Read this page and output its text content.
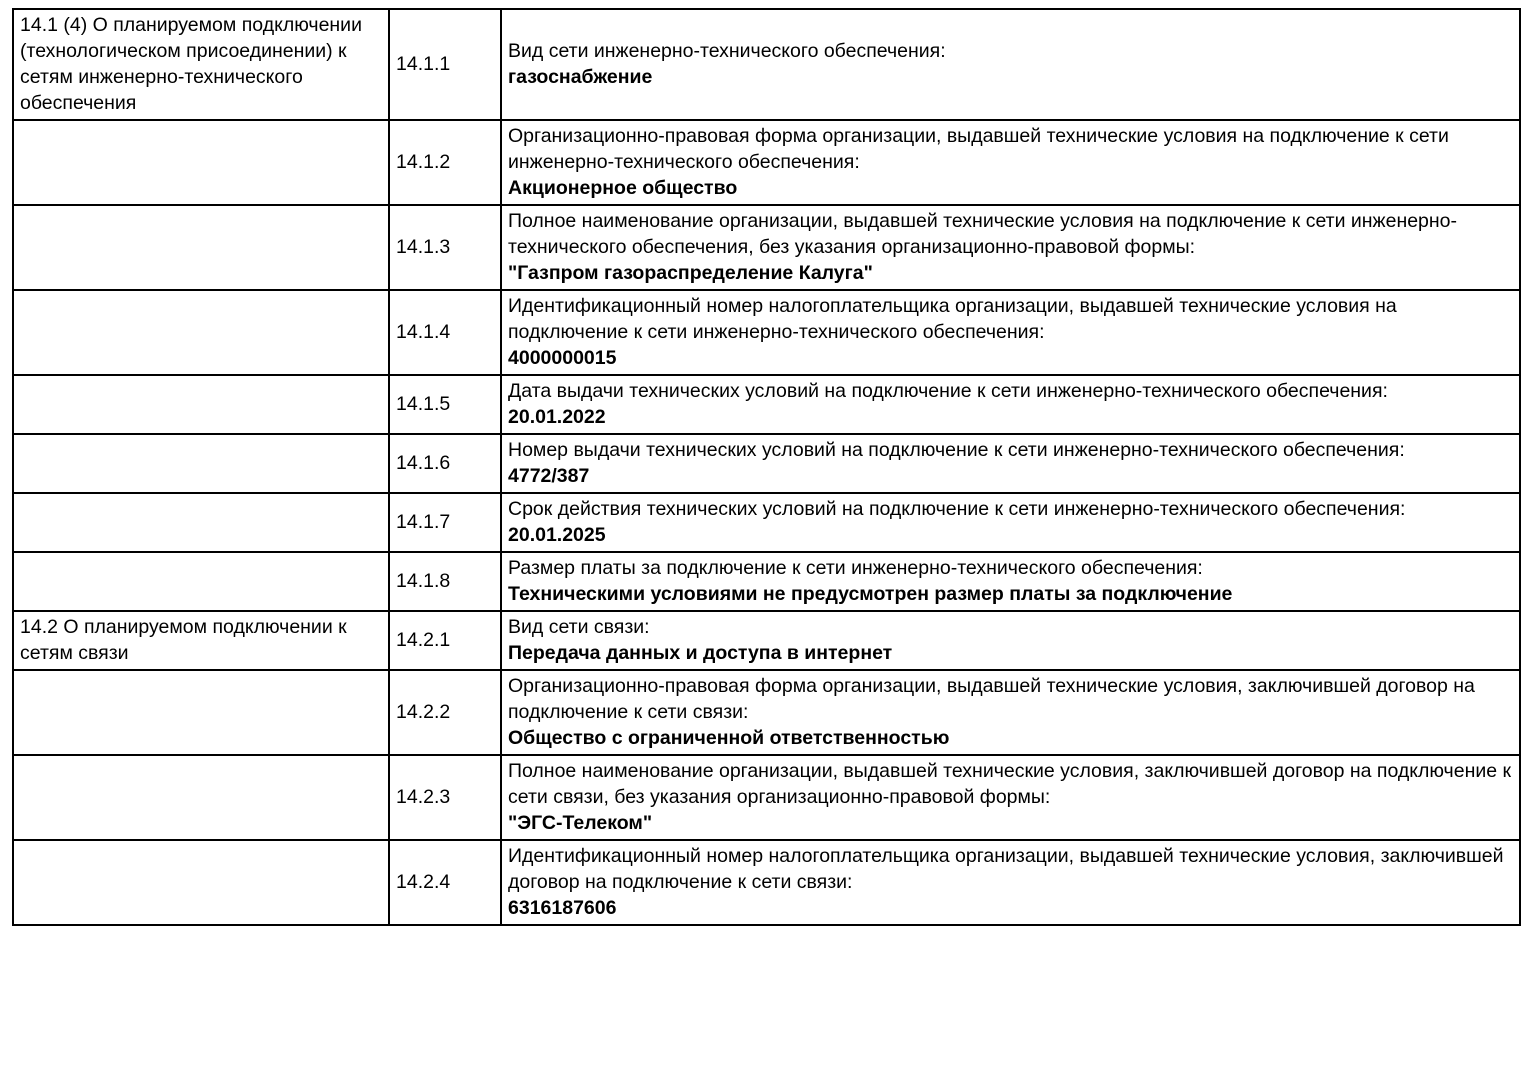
14.1 (4) О планируемом подключении (технологическом присоединении) к сетям инженерно-технического обеспечения	14.1.1	Вид сети инженерно-технического обеспечения:
газоснабжение

	14.1.2	Организационно-правовая форма организации, выдавшей технические условия на подключение к сети инженерно-технического обеспечения:
Акционерное общество

	14.1.3	Полное наименование организации, выдавшей технические условия на подключение к сети инженерно-технического обеспечения, без указания организационно-правовой формы:
"Газпром газораспределение Калуга"

	14.1.4	Идентификационный номер налогоплательщика организации, выдавшей технические условия на подключение к сети инженерно-технического обеспечения:
4000000015

	14.1.5	Дата выдачи технических условий на подключение к сети инженерно-технического обеспечения:
20.01.2022

	14.1.6	Номер выдачи технических условий на подключение к сети инженерно-технического обеспечения:
4772/387

	14.1.7	Срок действия технических условий на подключение к сети инженерно-технического обеспечения:
20.01.2025

	14.1.8	Размер платы за подключение к сети инженерно-технического обеспечения:
Техническими условиями не предусмотрен размер платы за подключение

14.2 О планируемом подключении к сетям связи	14.2.1	Вид сети связи:
Передача данных и доступа в интернет

	14.2.2	Организационно-правовая форма организации, выдавшей технические условия, заключившей договор на подключение к сети связи:
Общество с ограниченной ответственностью

	14.2.3	Полное наименование организации, выдавшей технические условия, заключившей договор на подключение к сети связи, без указания организационно-правовой формы:
"ЭГС-Телеком"

	14.2.4	Идентификационный номер налогоплательщика организации, выдавшей технические условия, заключившей договор на подключение к сети связи:
6316187606
